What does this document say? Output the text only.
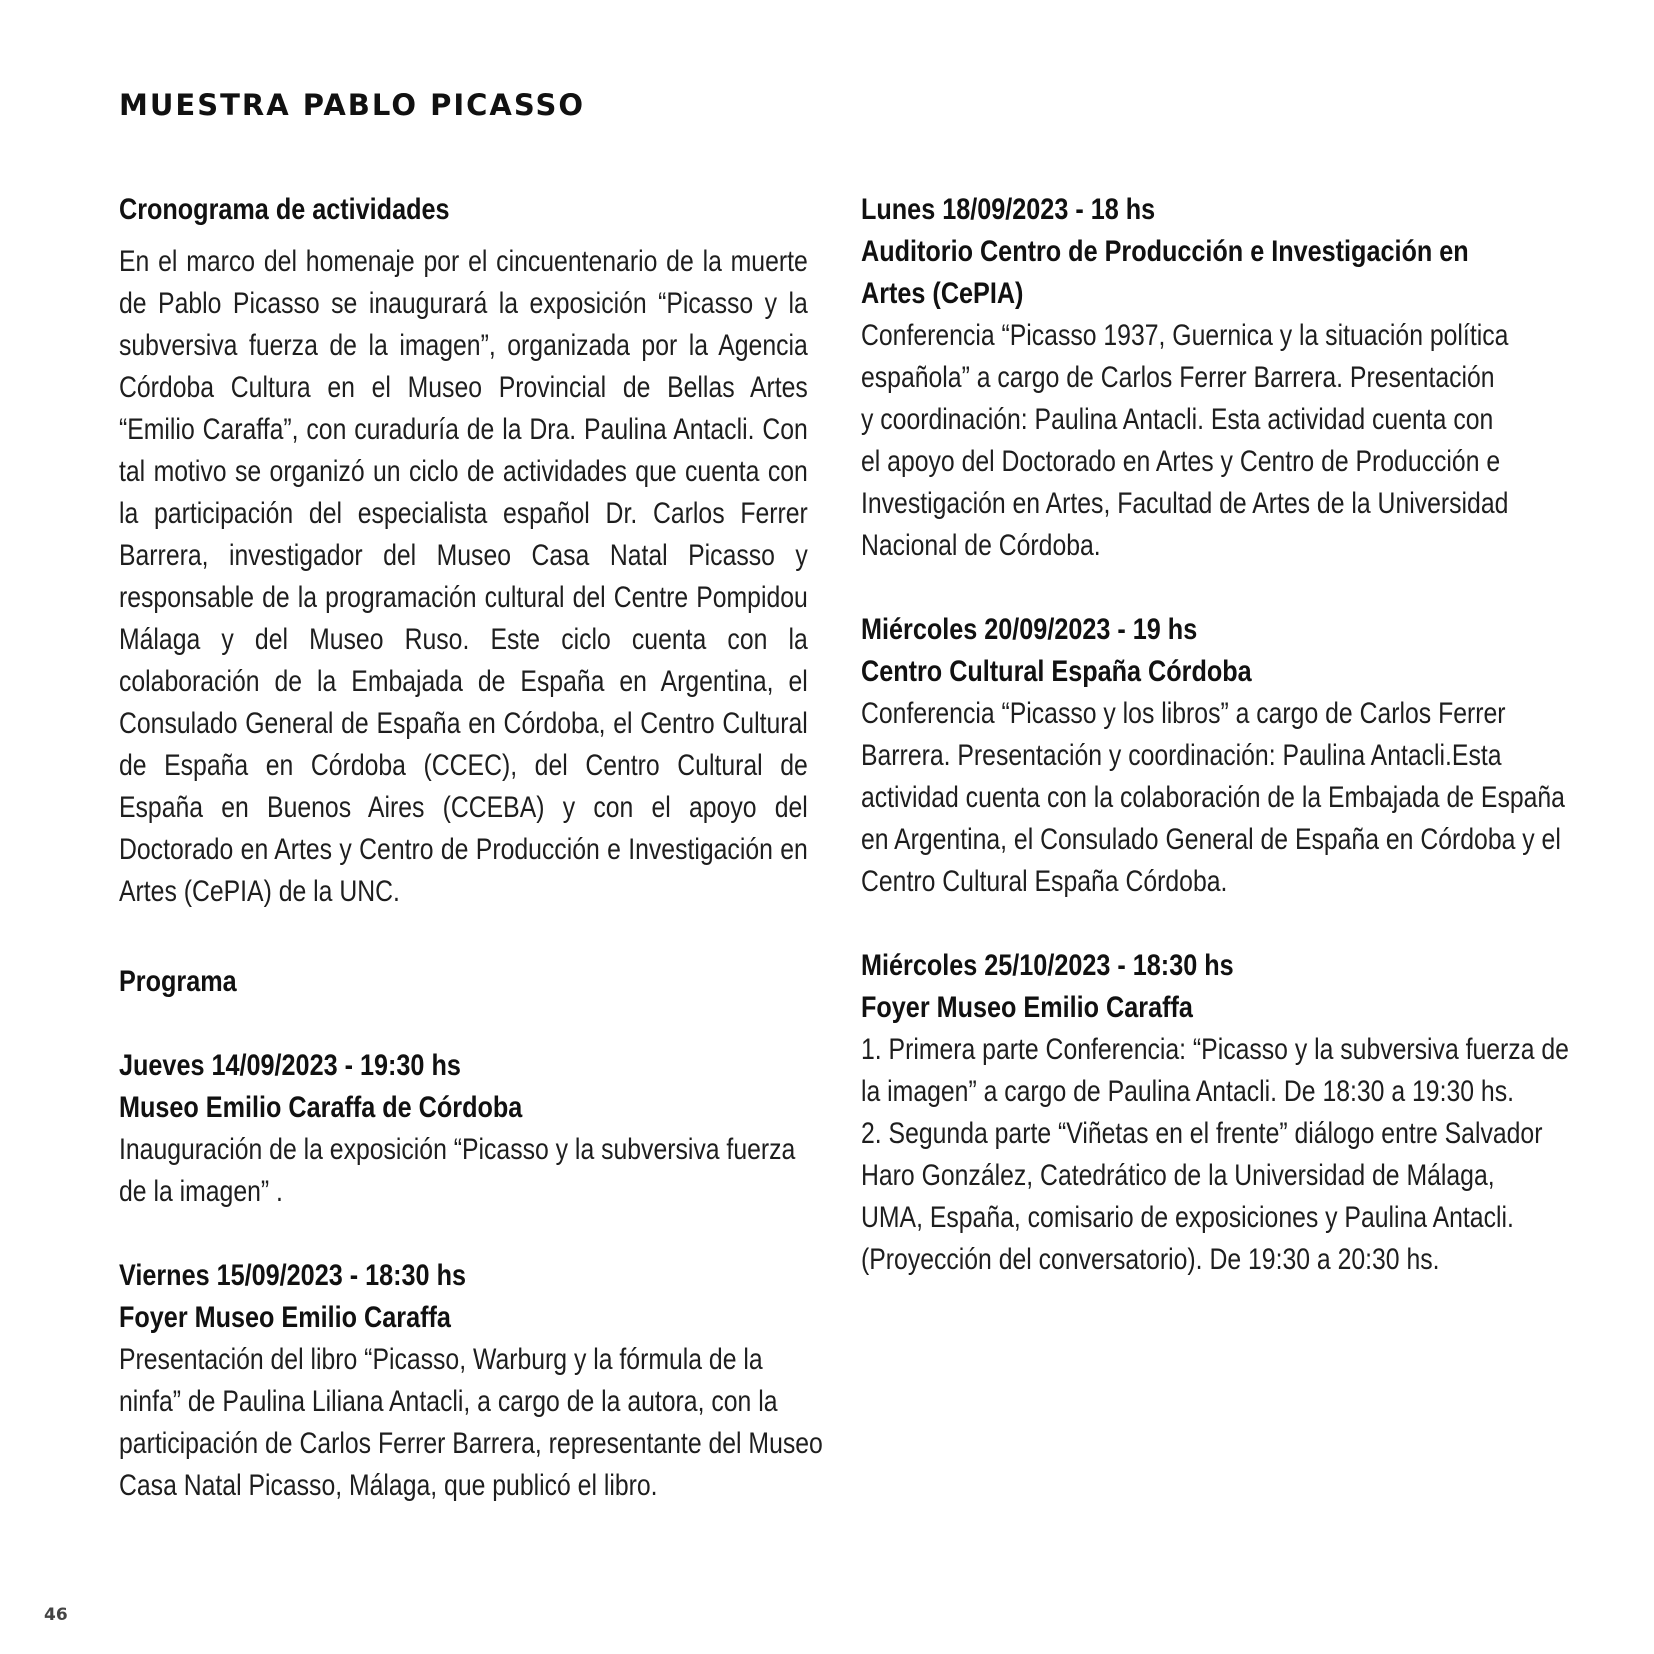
MUESTRA PABLO PICASSO

Cronograma de actividades

En el marco del homenaje por el cincuentenario de la muerte de Pablo Picasso se inaugurará la exposición “Picasso y la subversiva fuerza de la imagen”, organizada por la Agencia Córdoba Cultura en el Museo Provincial de Bellas Artes “Emilio Caraffa”, con curaduría de la Dra. Paulina Antacli. Con tal motivo se organizó un ciclo de actividades que cuenta con la participación del especialista español Dr. Carlos Ferrer Barrera, investigador del Museo Casa Natal Picasso y responsable de la programación cultural del Centre Pompidou Málaga y del Museo Ruso. Este ciclo cuenta con la colaboración de la Embajada de España en Argentina, el Consulado General de España en Córdoba, el Centro Cultural de España en Córdoba (CCEC), del Centro Cultural de España en Buenos Aires (CCEBA) y con el apoyo del Doctorado en Artes y Centro de Producción e Investigación en Artes (CePIA) de la UNC.

Programa

Jueves 14/09/2023 - 19:30 hs

Museo Emilio Caraffa de Córdoba

Inauguración de la exposición “Picasso y la subversiva fuerza

de la imagen” .

Viernes 15/09/2023 - 18:30 hs

Foyer Museo Emilio Caraffa

Presentación del libro “Picasso, Warburg y la fórmula de la

ninfa” de Paulina Liliana Antacli, a cargo de la autora, con la

participación de Carlos Ferrer Barrera, representante del Museo

Casa Natal Picasso, Málaga, que publicó el libro.

Lunes 18/09/2023 - 18 hs

Auditorio Centro de Producción e Investigación en

Artes (CePIA)

Conferencia “Picasso 1937, Guernica y la situación política

española” a cargo de Carlos Ferrer Barrera. Presentación

y coordinación: Paulina Antacli. Esta actividad cuenta con

el apoyo del Doctorado en Artes y Centro de Producción e

Investigación en Artes, Facultad de Artes de la Universidad

Nacional de Córdoba.

Miércoles 20/09/2023 - 19 hs

Centro Cultural España Córdoba

Conferencia “Picasso y los libros” a cargo de Carlos Ferrer

Barrera. Presentación y coordinación: Paulina Antacli.Esta

actividad cuenta con la colaboración de la Embajada de España

en Argentina, el Consulado General de España en Córdoba y el

Centro Cultural España Córdoba.

Miércoles 25/10/2023 - 18:30 hs

Foyer Museo Emilio Caraffa

1. Primera parte Conferencia: “Picasso y la subversiva fuerza de

la imagen” a cargo de Paulina Antacli. De 18:30 a 19:30 hs.

2. Segunda parte “Viñetas en el frente” diálogo entre Salvador

Haro González, Catedrático de la Universidad de Málaga,

UMA, España, comisario de exposiciones y Paulina Antacli.

(Proyección del conversatorio). De 19:30 a 20:30 hs.

46
